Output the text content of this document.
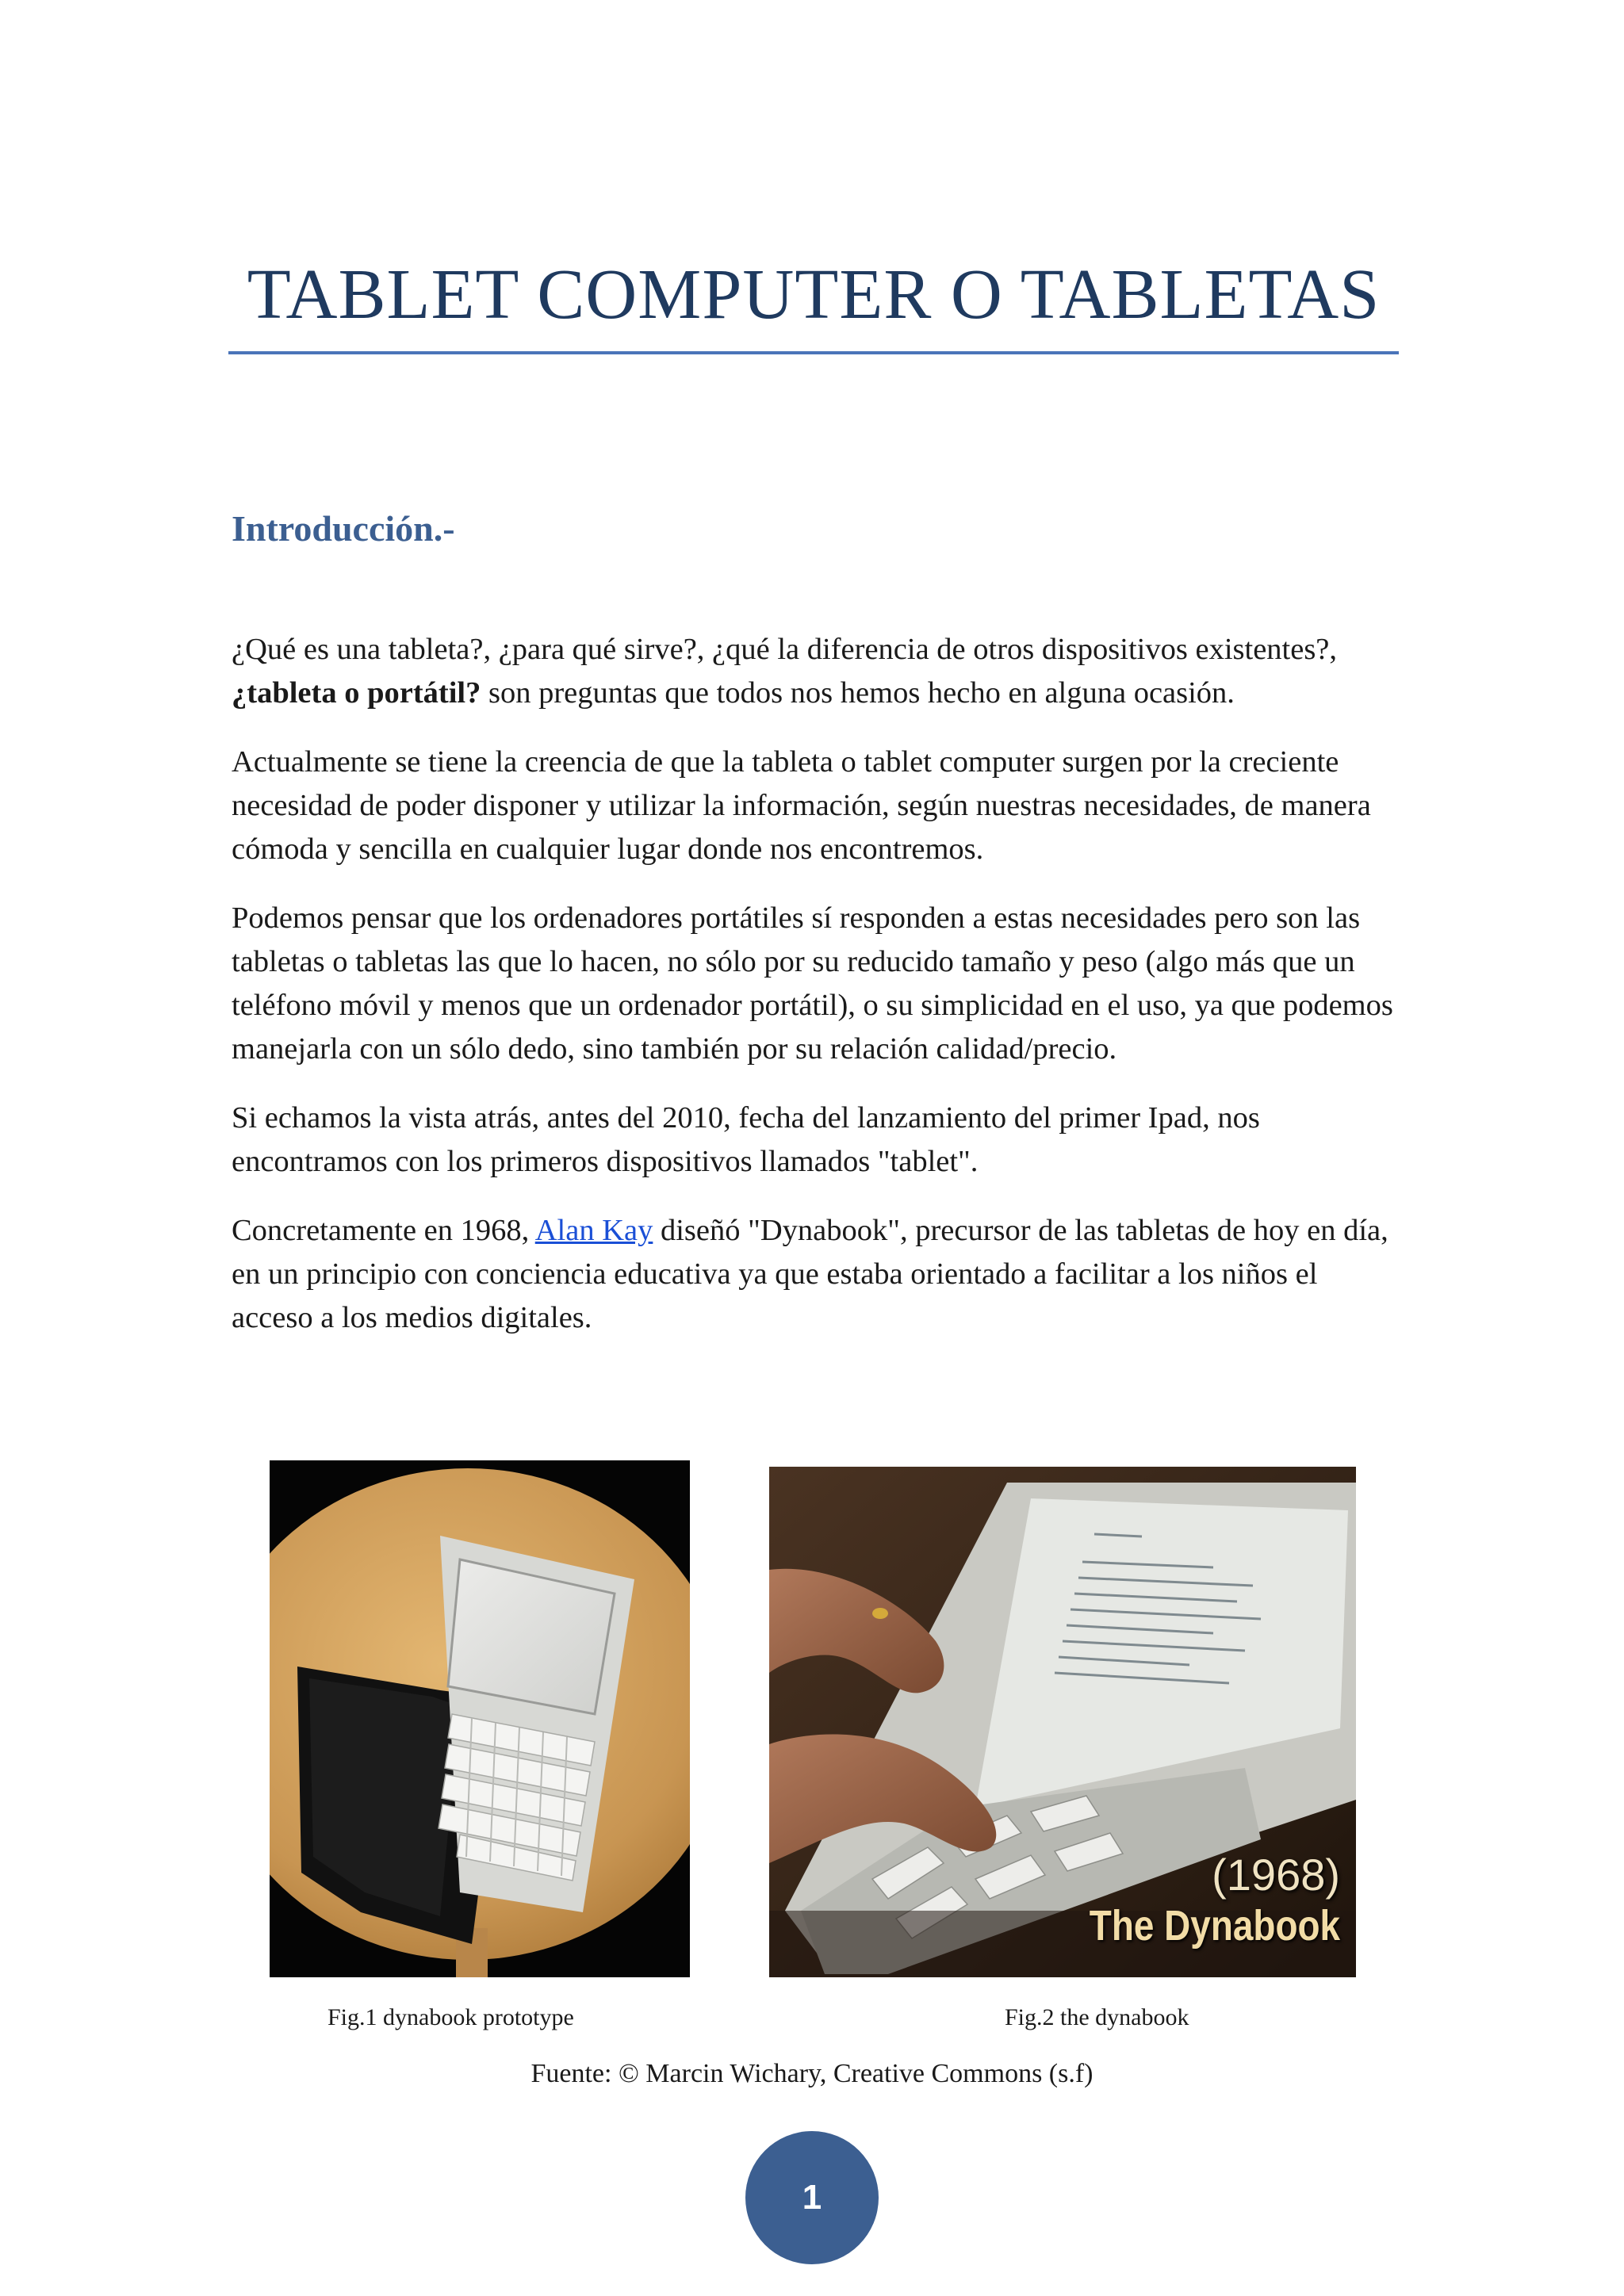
TABLET COMPUTER O TABLETAS
Introducción.-

¿Qué es una tableta?, ¿para qué sirve?, ¿qué la diferencia de otros dispositivos existentes?, ¿tableta o portátil? son preguntas que todos nos hemos hecho en alguna ocasión.

Actualmente se tiene la creencia de que la tableta o tablet computer surgen por la creciente necesidad de poder disponer y utilizar la información, según nuestras necesidades, de manera cómoda y sencilla en cualquier lugar donde nos encontremos.

Podemos pensar que los ordenadores portátiles sí responden a estas necesidades pero son las tabletas o tabletas las que lo hacen, no sólo por su reducido tamaño y peso (algo más que un teléfono móvil y menos que un ordenador portátil), o su simplicidad en el uso, ya que podemos manejarla con un sólo dedo, sino también por su relación calidad/precio.

Si echamos la vista atrás, antes del 2010, fecha del lanzamiento del primer Ipad, nos encontramos con los primeros dispositivos llamados "tablet".

Concretamente en 1968, Alan Kay diseñó "Dynabook", precursor de las tabletas de hoy en día, en un principio con conciencia educativa ya que estaba orientado a facilitar a los niños el acceso a los medios digitales.

(1968)
The Dynabook
Fig.1 dynabook prototype	Fig.2 the dynabook
Fuente: © Marcin Wichary, Creative Commons (s.f)
1
